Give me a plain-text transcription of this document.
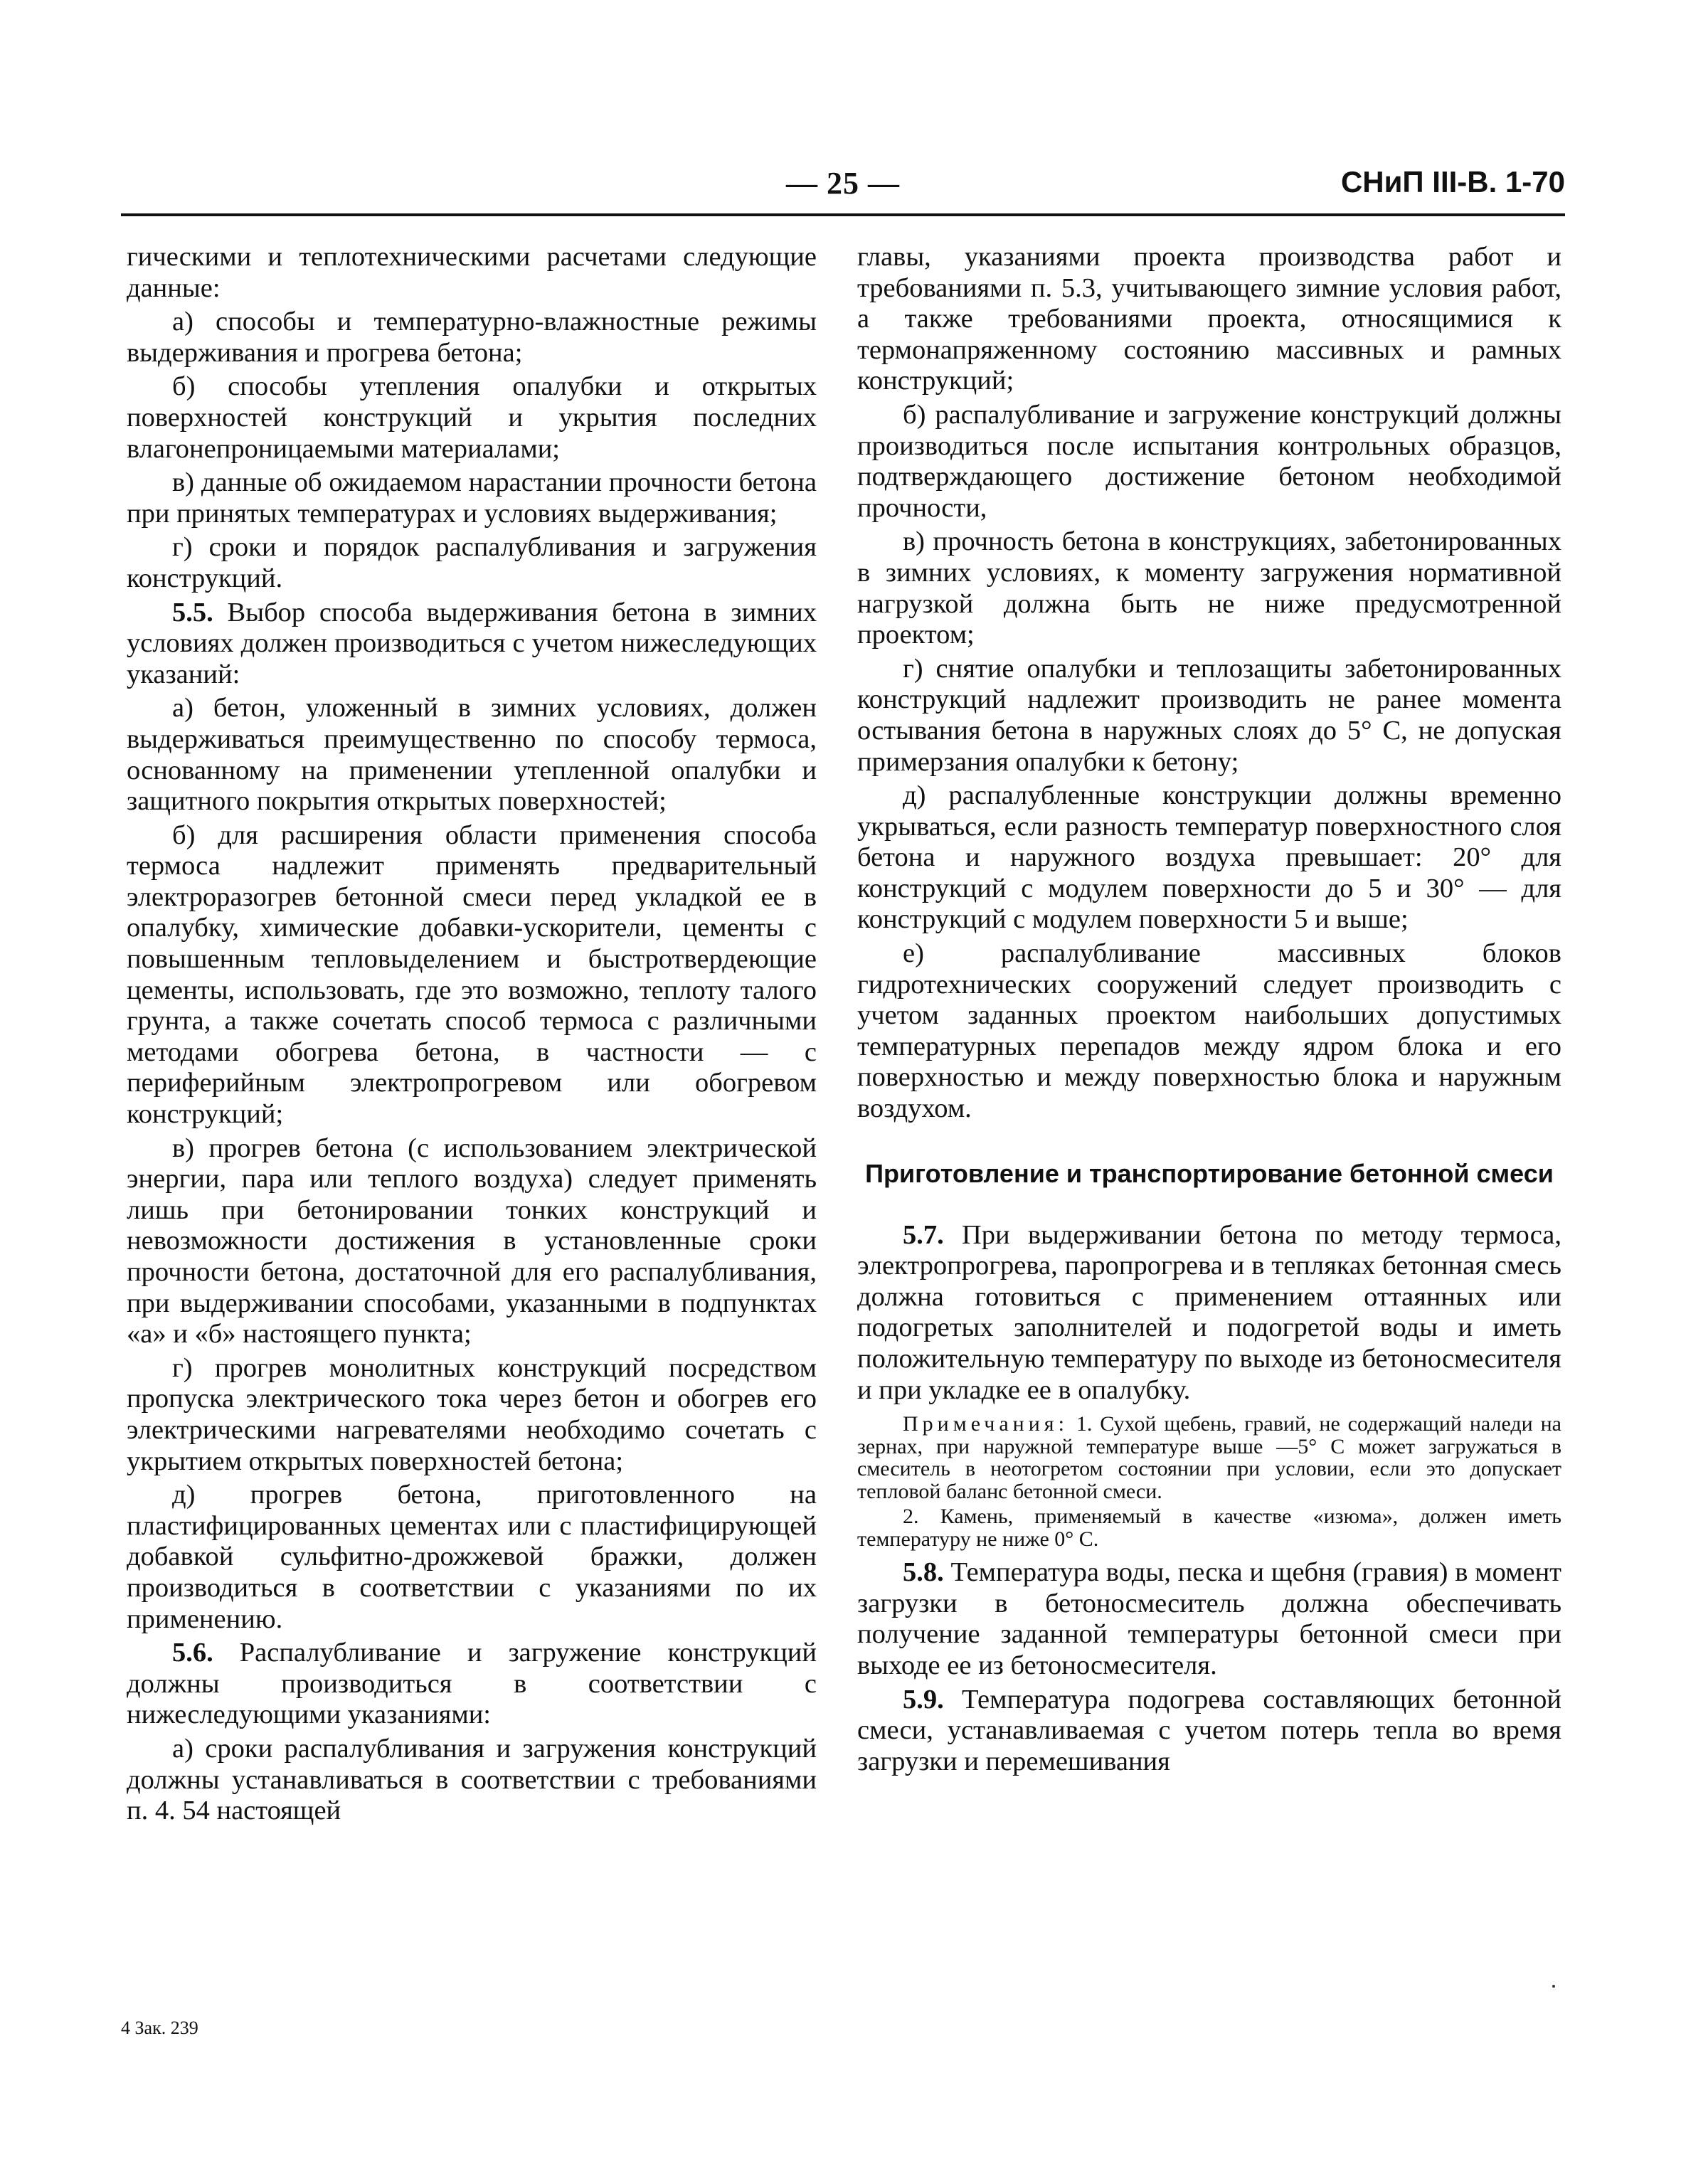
— 25 —	СНиП III-В. 1-70

гическими и теплотехническими расчетами следующие данные:

а) способы и температурно-влажностные режимы выдерживания и прогрева бетона;

б) способы утепления опалубки и открытых поверхностей конструкций и укрытия последних влагонепроницаемыми материалами;

в) данные об ожидаемом нарастании прочности бетона при принятых температурах и условиях выдерживания;

г) сроки и порядок распалубливания и загружения конструкций.

5.5. Выбор способа выдерживания бетона в зимних условиях должен производиться с учетом нижеследующих указаний:

а) бетон, уложенный в зимних условиях, должен выдерживаться преимущественно по способу термоса, основанному на применении утепленной опалубки и защитного покрытия открытых поверхностей;

б) для расширения области применения способа термоса надлежит применять предварительный электроразогрев бетонной смеси перед укладкой ее в опалубку, химические добавки-ускорители, цементы с повышенным тепловыделением и быстротвердеющие цементы, использовать, где это возможно, теплоту талого грунта, а также сочетать способ термоса с различными методами обогрева бетона, в частности — с периферийным электропрогревом или обогревом конструкций;

в) прогрев бетона (с использованием электрической энергии, пара или теплого воздуха) следует применять лишь при бетонировании тонких конструкций и невозможности достижения в установленные сроки прочности бетона, достаточной для его распалубливания, при выдерживании способами, указанными в подпунктах «а» и «б» настоящего пункта;

г) прогрев монолитных конструкций посредством пропуска электрического тока через бетон и обогрев его электрическими нагревателями необходимо сочетать с укрытием открытых поверхностей бетона;

д) прогрев бетона, приготовленного на пластифицированных цементах или с пластифицирующей добавкой сульфитно-дрожжевой бражки, должен производиться в соответствии с указаниями по их применению.

5.6. Распалубливание и загружение конструкций должны производиться в соответствии с нижеследующими указаниями:

а) сроки распалубливания и загружения конструкций должны устанавливаться в соответствии с требованиями п. 4. 54 настоящей

главы, указаниями проекта производства работ и требованиями п. 5.3, учитывающего зимние условия работ, а также требованиями проекта, относящимися к термонапряженному состоянию массивных и рамных конструкций;

б) распалубливание и загружение конструкций должны производиться после испытания контрольных образцов, подтверждающего достижение бетоном необходимой прочности,

в) прочность бетона в конструкциях, забетонированных в зимних условиях, к моменту загружения нормативной нагрузкой должна быть не ниже предусмотренной проектом;

г) снятие опалубки и теплозащиты забетонированных конструкций надлежит производить не ранее момента остывания бетона в наружных слоях до 5° С, не допуская примерзания опалубки к бетону;

д) распалубленные конструкции должны временно укрываться, если разность температур поверхностного слоя бетона и наружного воздуха превышает: 20° для конструкций с модулем поверхности до 5 и 30° — для конструкций с модулем поверхности 5 и выше;

е) распалубливание массивных блоков гидротехнических сооружений следует производить с учетом заданных проектом наибольших допустимых температурных перепадов между ядром блока и его поверхностью и между поверхностью блока и наружным воздухом.

Приготовление и транспортирование бетонной смеси

5.7. При выдерживании бетона по методу термоса, электропрогрева, паропрогрева и в тепляках бетонная смесь должна готовиться с применением оттаянных или подогретых заполнителей и подогретой воды и иметь положительную температуру по выходе из бетоносмесителя и при укладке ее в опалубку.

Примечания: 1. Сухой щебень, гравий, не содержащий наледи на зернах, при наружной температуре выше —5° С может загружаться в смеситель в неотогретом состоянии при условии, если это допускает тепловой баланс бетонной смеси.

2. Камень, применяемый в качестве «изюма», должен иметь температуру не ниже 0° С.

5.8. Температура воды, песка и щебня (гравия) в момент загрузки в бетоносмеситель должна обеспечивать получение заданной температуры бетонной смеси при выходе ее из бетоносмесителя.

5.9. Температура подогрева составляющих бетонной смеси, устанавливаемая с учетом потерь тепла во время загрузки и перемешивания

4 Зак. 239
